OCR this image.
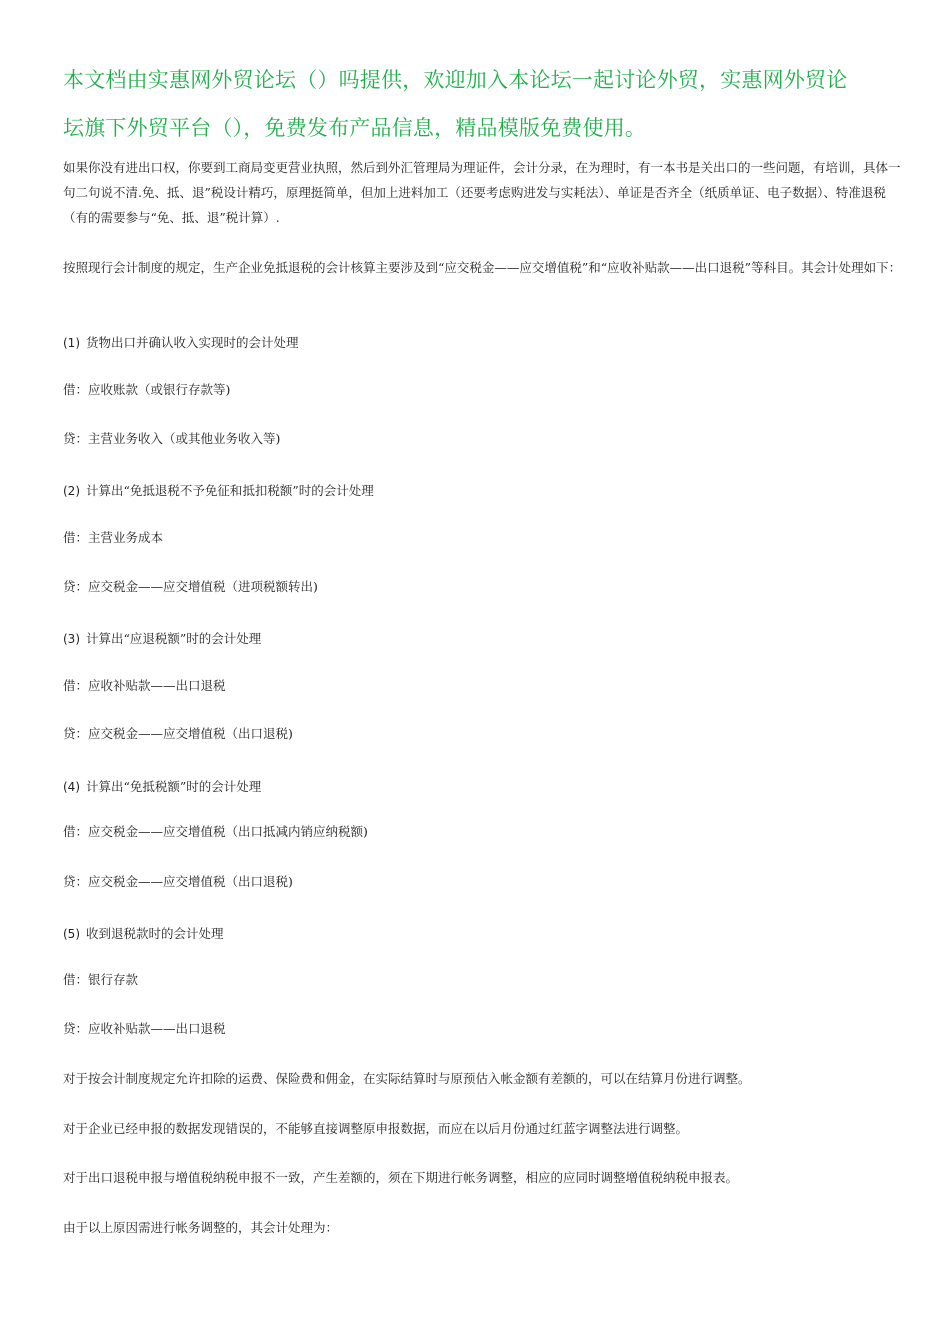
本文档由实惠网外贸论坛（）吗提供，欢迎加入本论坛一起讨论外贸，实惠网外贸论
坛旗下外贸平台（），免费发布产品信息，精品模版免费使用。
如果你没有进出口权，你要到工商局变更营业执照，然后到外汇管理局为理证件，会计分录，在为理时，有一本书是关出口的一些问题，有培训，具体一句二句说不清.免、抵、退”税设计精巧，原理挺简单，但加上进料加工（还要考虑购进发与实耗法）、单证是否齐全（纸质单证、电子数据）、特准退税（有的需要参与“免、抵、退”税计算）.
按照现行会计制度的规定，生产企业免抵退税的会计核算主要涉及到“应交税金——应交增值税”和“应收补贴款——出口退税”等科目。其会计处理如下：
(1) 货物出口并确认收入实现时的会计处理
借：应收账款（或银行存款等)
贷：主营业务收入（或其他业务收入等)
(2) 计算出“免抵退税不予免征和抵扣税额”时的会计处理
借：主营业务成本
贷：应交税金——应交增值税（进项税额转出)
(3) 计算出“应退税额”时的会计处理
借：应收补贴款——出口退税
贷：应交税金——应交增值税（出口退税)
(4) 计算出“免抵税额”时的会计处理
借：应交税金——应交增值税（出口抵减内销应纳税额)
贷：应交税金——应交增值税（出口退税)
(5) 收到退税款时的会计处理
借：银行存款
贷：应收补贴款——出口退税
对于按会计制度规定允许扣除的运费、保险费和佣金，在实际结算时与原预估入帐金额有差额的，可以在结算月份进行调整。
对于企业已经申报的数据发现错误的，不能够直接调整原申报数据，而应在以后月份通过红蓝字调整法进行调整。
对于出口退税申报与增值税纳税申报不一致，产生差额的，须在下期进行帐务调整，相应的应同时调整增值税纳税申报表。
由于以上原因需进行帐务调整的，其会计处理为：
